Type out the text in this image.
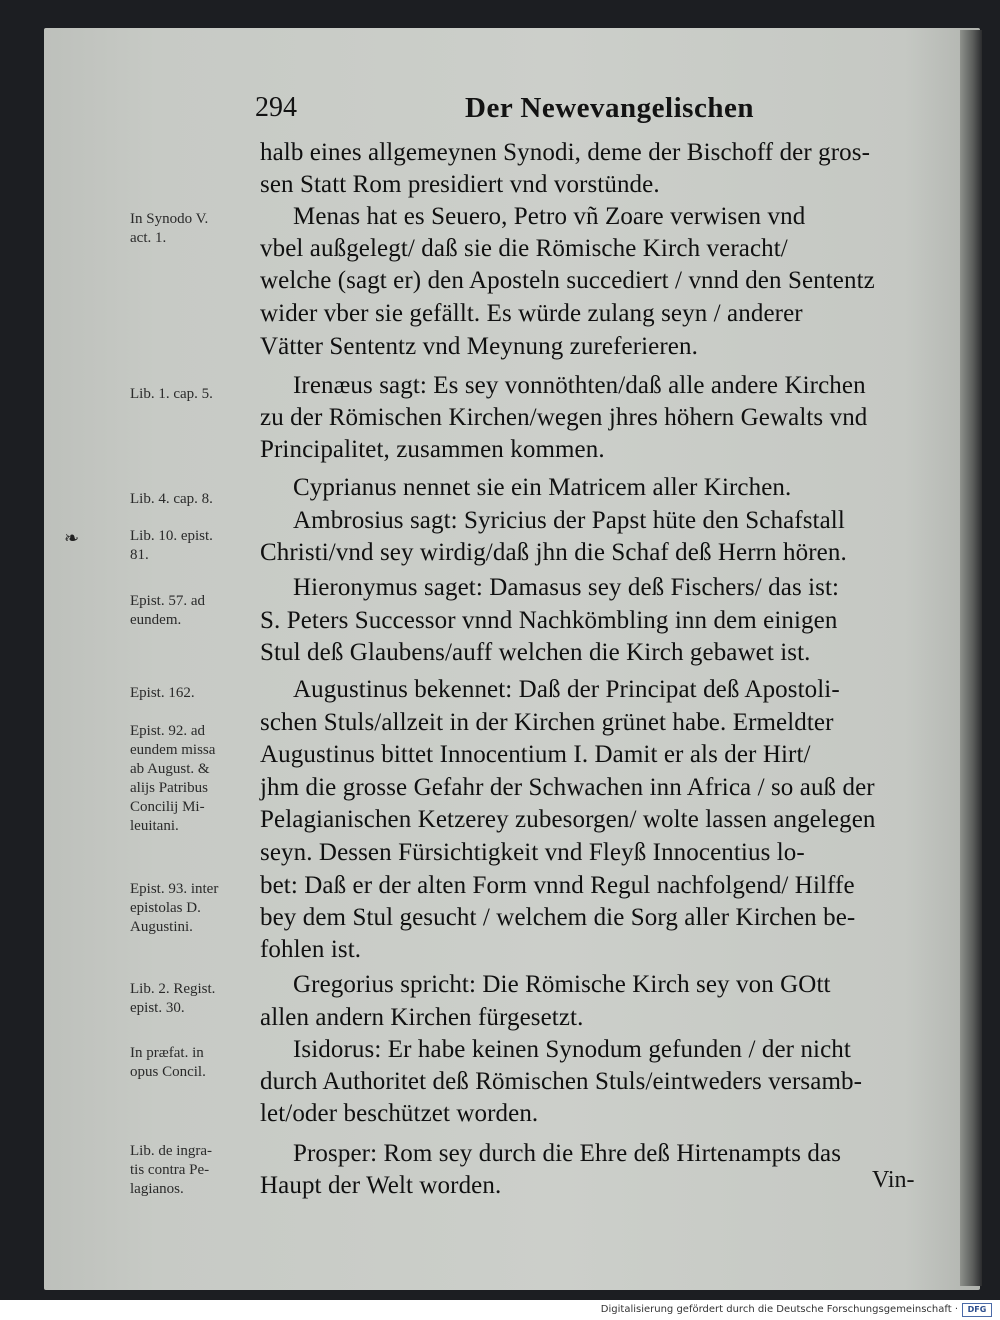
294	Der Newevangelischen
❧
In Synodo V.
act. 1.
Lib. 1. cap. 5.
Lib. 4. cap. 8.
Lib. 10. epist.
81.
Epist. 57. ad
eundem.
Epist. 162.
Epist. 92. ad
eundem missa
ab August. &
alijs Patribus
Concilij Mi-
leuitani.
Epist. 93. inter
epistolas D.
Augustini.
Lib. 2. Regist.
epist. 30.
In præfat. in
opus Concil.
Lib. de ingra-
tis contra Pe-
lagianos.
halb eines allgemeynen Synodi, deme der Bischoff der gros-
sen Statt Rom presidiert vnd vorstünde.
Menas hat es Seuero, Petro vñ Zoare verwisen vnd
vbel außgelegt/ daß sie die Römische Kirch veracht/
welche (sagt er) den Aposteln succediert / vnnd den Sententz
wider vber sie gefällt. Es würde zulang seyn / anderer
Vätter Sententz vnd Meynung zureferieren.
Irenæus sagt: Es sey vonnöthten/daß alle andere Kirchen
zu der Römischen Kirchen/wegen jhres höhern Gewalts vnd
Principalitet, zusammen kommen.
Cyprianus nennet sie ein Matricem aller Kirchen.
Ambrosius sagt: Syricius der Papst hüte den Schafstall
Christi/vnd sey wirdig/daß jhn die Schaf deß Herrn hören.
Hieronymus saget: Damasus sey deß Fischers/ das ist:
S. Peters Successor vnnd Nachkömbling inn dem einigen
Stul deß Glaubens/auff welchen die Kirch gebawet ist.
Augustinus bekennet: Daß der Principat deß Apostoli-
schen Stuls/allzeit in der Kirchen grünet habe. Ermeldter
Augustinus bittet Innocentium I. Damit er als der Hirt/
jhm die grosse Gefahr der Schwachen inn Africa / so auß der
Pelagianischen Ketzerey zubesorgen/ wolte lassen angelegen
seyn. Dessen Fürsichtigkeit vnd Fleyß Innocentius lo-
bet: Daß er der alten Form vnnd Regul nachfolgend/ Hilffe
bey dem Stul gesucht / welchem die Sorg aller Kirchen be-
fohlen ist.
Gregorius spricht: Die Römische Kirch sey von GOtt
allen andern Kirchen fürgesetzt.
Isidorus: Er habe keinen Synodum gefunden / der nicht
durch Authoritet deß Römischen Stuls/eintweders versamb-
let/oder beschützet worden.
Prosper: Rom sey durch die Ehre deß Hirtenampts das
Haupt der Welt worden.	Vin-
Digitalisierung gefördert durch die Deutsche Forschungsgemeinschaft ·	DFG
